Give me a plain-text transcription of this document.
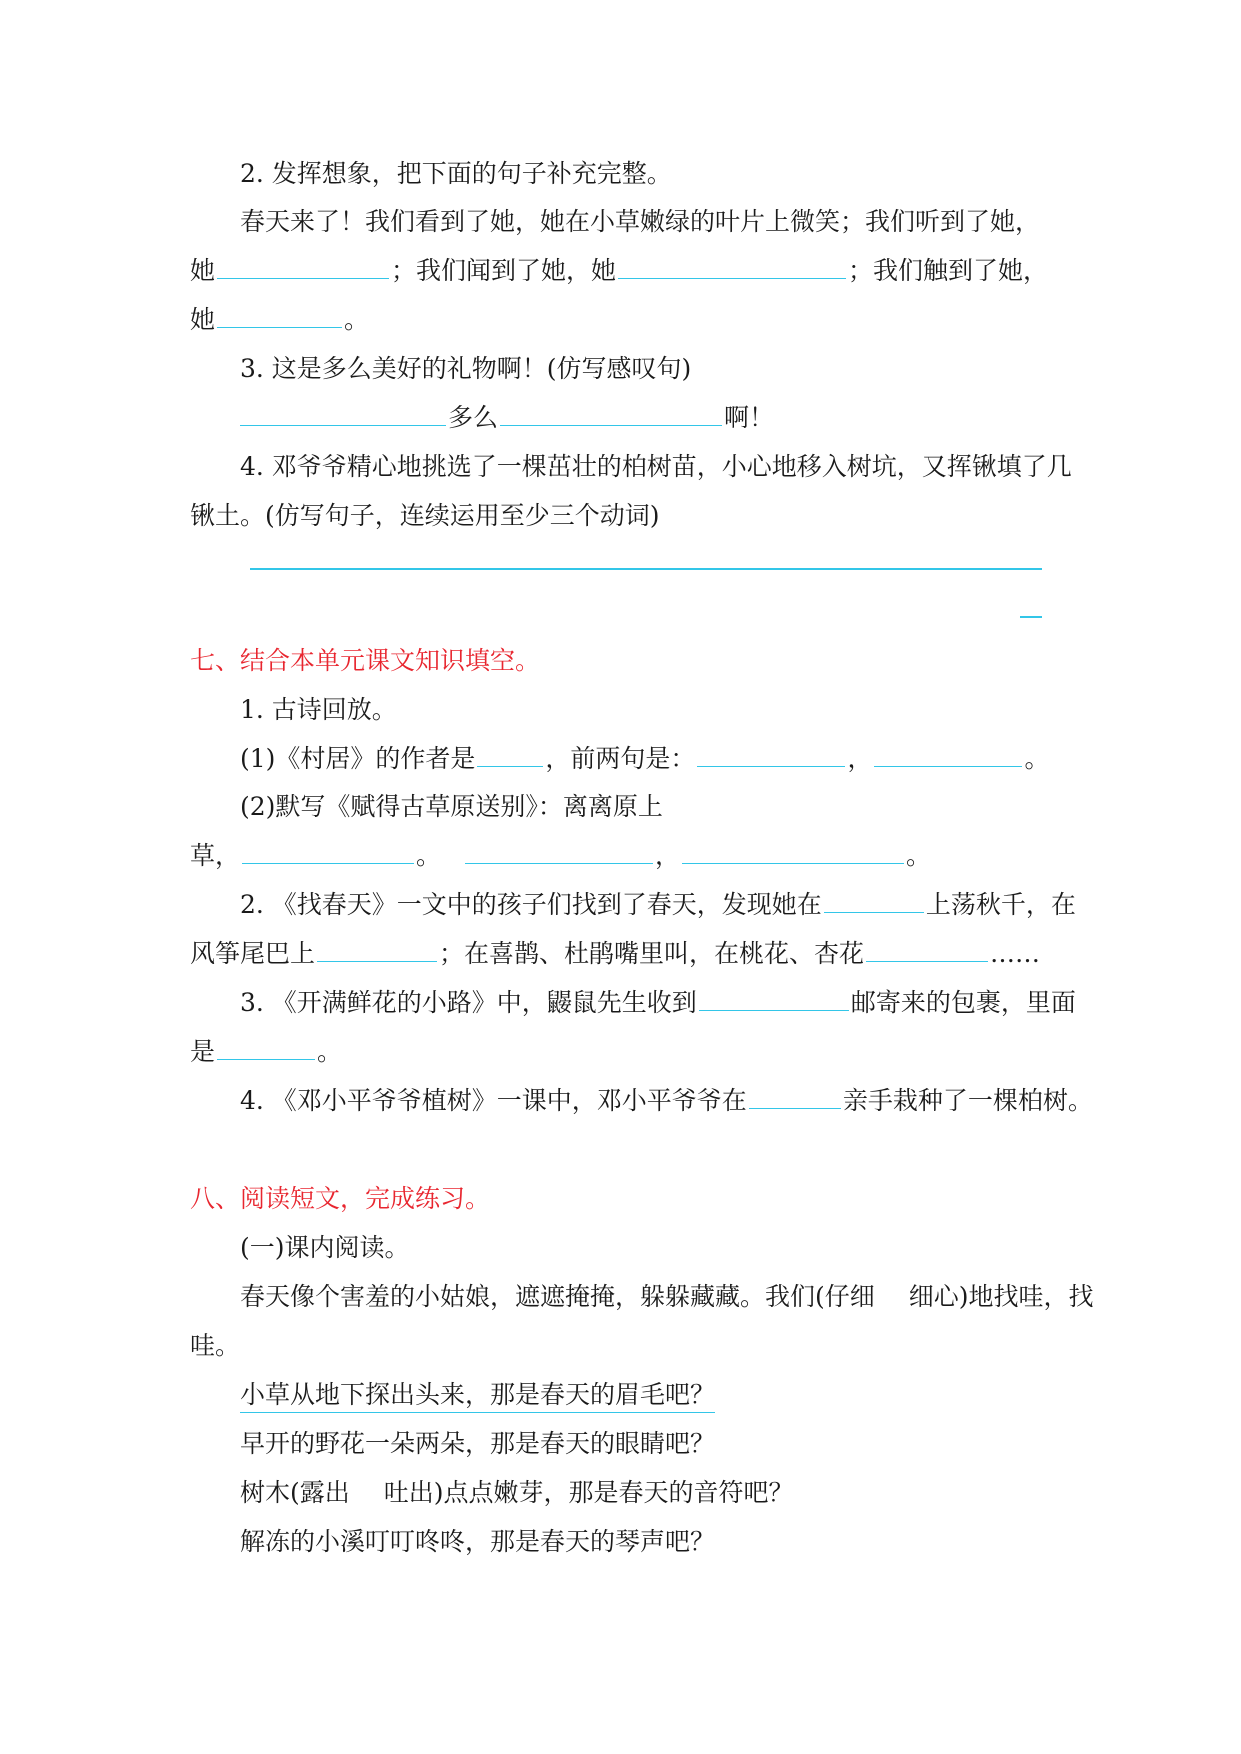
2. 发挥想象，把下面的句子补充完整。
春天来了！我们看到了她，她在小草嫩绿的叶片上微笑；我们听到了她，
她	；我们闻到了她，她	；我们触到了她，
她	。
3. 这是多么美好的礼物啊！(仿写感叹句)
多么	啊！
4. 邓爷爷精心地挑选了一棵茁壮的柏树苗，小心地移入树坑，又挥锹填了几
锹土。(仿写句子，连续运用至少三个动词)
七、结合本单元课文知识填空。
1. 古诗回放。
(1)《村居》的作者是	，前两句是：	，	。
(2)默写《赋得古草原送别》：离离原上
草，	。	，	。
2. 《找春天》一文中的孩子们找到了春天，发现她在	上荡秋千，在
风筝尾巴上	；在喜鹊、杜鹃嘴里叫，在桃花、杏花	……
3. 《开满鲜花的小路》中，鼹鼠先生收到	邮寄来的包裹，里面
是	。
4. 《邓小平爷爷植树》一课中，邓小平爷爷在	亲手栽种了一棵柏树。
八、阅读短文，完成练习。
(一)课内阅读。
春天像个害羞的小姑娘，遮遮掩掩，躲躲藏藏。我们(仔细 细心)地找哇，找
哇。
小草从地下探出头来，那是春天的眉毛吧？
早开的野花一朵两朵，那是春天的眼睛吧？
树木(露出 吐出)点点嫩芽，那是春天的音符吧？
解冻的小溪叮叮咚咚，那是春天的琴声吧？
